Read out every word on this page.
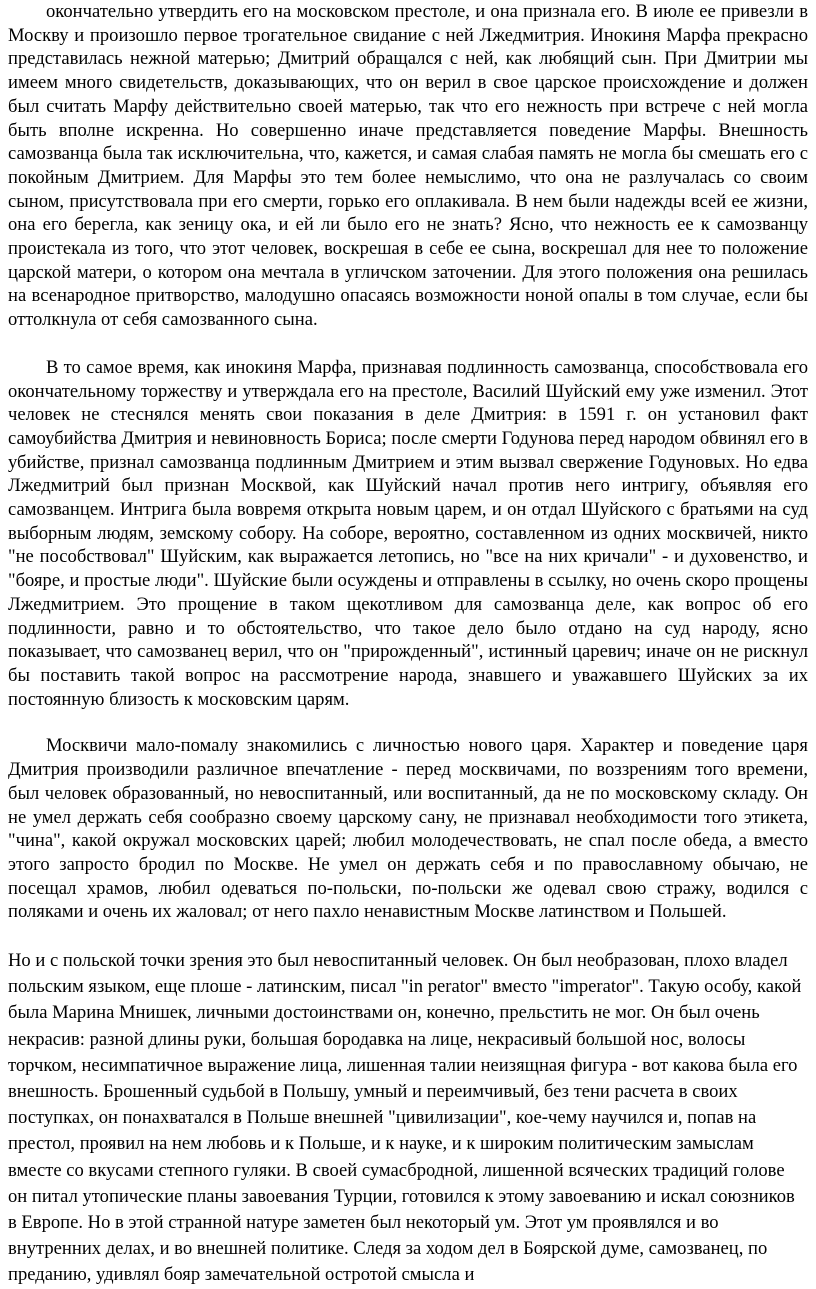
окончательно утвердить его на московском престоле, и она признала его. В июле ее привезли в Москву и произошло первое трогательное свидание с ней Лжедмитрия. Инокиня Марфа прекрасно представилась нежной матерью; Дмитрий обращался с ней, как любящий сын. При Дмитрии мы имеем много свидетельств, доказывающих, что он верил в свое царское происхождение и должен был считать Марфу действительно своей матерью, так что его нежность при встрече с ней могла быть вполне искренна. Но совершенно иначе представляется поведение Марфы. Внешность самозванца была так исключительна, что, кажется, и самая слабая память не могла бы смешать его с покойным Дмитрием. Для Марфы это тем более немыслимо, что она не разлучалась со своим сыном, присутствовала при его смерти, горько его оплакивала. В нем были надежды всей ее жизни, она его берегла, как зеницу ока, и ей ли было его не знать? Ясно, что нежность ее к самозванцу проистекала из того, что этот человек, воскрешая в себе ее сына, воскрешал для нее то положение царской матери, о котором она мечтала в угличском заточении. Для этого положения она решилась на всенародное притворство, малодушно опасаясь возможности ноной опалы в том случае, если бы оттолкнула от себя самозванного сына.

В то самое время, как инокиня Марфа, признавая подлинность самозванца, способствовала его окончательному торжеству и утверждала его на престоле, Василий Шуйский ему уже изменил. Этот человек не стеснялся менять свои показания в деле Дмитрия: в 1591 г. он установил факт самоубийства Дмитрия и невиновность Бориса; после смерти Годунова перед народом обвинял его в убийстве, признал самозванца подлинным Дмитрием и этим вызвал свержение Годуновых. Но едва Лжедмитрий был признан Москвой, как Шуйский начал против него интригу, объявляя его самозванцем. Интрига была вовремя открыта новым царем, и он отдал Шуйского с братьями на суд выборным людям, земскому собору. На соборе, вероятно, составленном из одних москвичей, никто "не пособствовал" Шуйским, как выражается летопись, но "все на них кричали" - и духовенство, и "бояре, и простые люди". Шуйские были осуждены и отправлены в ссылку, но очень скоро прощены Лжедмитрием. Это прощение в таком щекотливом для самозванца деле, как вопрос об его подлинности, равно и то обстоятельство, что такое дело было отдано на суд народу, ясно показывает, что самозванец верил, что он "прирожденный", истинный царевич; иначе он не рискнул бы поставить такой вопрос на рассмотрение народа, знавшего и уважавшего Шуйских за их постоянную близость к московским царям.

Москвичи мало-помалу знакомились с личностью нового царя. Характер и поведение царя Дмитрия производили различное впечатление - перед москвичами, по воззрениям того времени, был человек образованный, но невоспитанный, или воспитанный, да не по московскому складу. Он не умел держать себя сообразно своему царскому сану, не признавал необходимости того этикета, "чина", какой окружал московских царей; любил молодечествовать, не спал после обеда, а вместо этого запросто бродил по Москве. Не умел он держать себя и по православному обычаю, не посещал храмов, любил одеваться по-польски, по-польски же одевал свою стражу, водился с поляками и очень их жаловал; от него пахло ненавистным Москве латинством и Польшей.

Но и с польской точки зрения это был невоспитанный человек. Он был необразован, плохо владел польским языком, еще плоше - латинским, писал "in perator" вместо "imperator". Такую особу, какой была Марина Мнишек, личными достоинствами он, конечно, прельстить не мог. Он был очень некрасив: разной длины руки, большая бородавка на лице, некрасивый большой нос, волосы торчком, несимпатичное выражение лица, лишенная талии неизящная фигура - вот какова была его внешность. Брошенный судьбой в Польшу, умный и переимчивый, без тени расчета в своих поступках, он понахватался в Польше внешней "цивилизации", кое-чему научился и, попав на престол, проявил на нем любовь и к Польше, и к науке, и к широким политическим замыслам вместе со вкусами степного гуляки. В своей сумасбродной, лишенной всяческих традиций голове он питал утопические планы завоевания Турции, готовился к этому завоеванию и искал союзников в Европе. Но в этой странной натуре заметен был некоторый ум. Этот ум проявлялся и во внутренних делах, и во внешней политике. Следя за ходом дел в Боярской думе, самозванец, по преданию, удивлял бояр замечательной остротой смысла и
